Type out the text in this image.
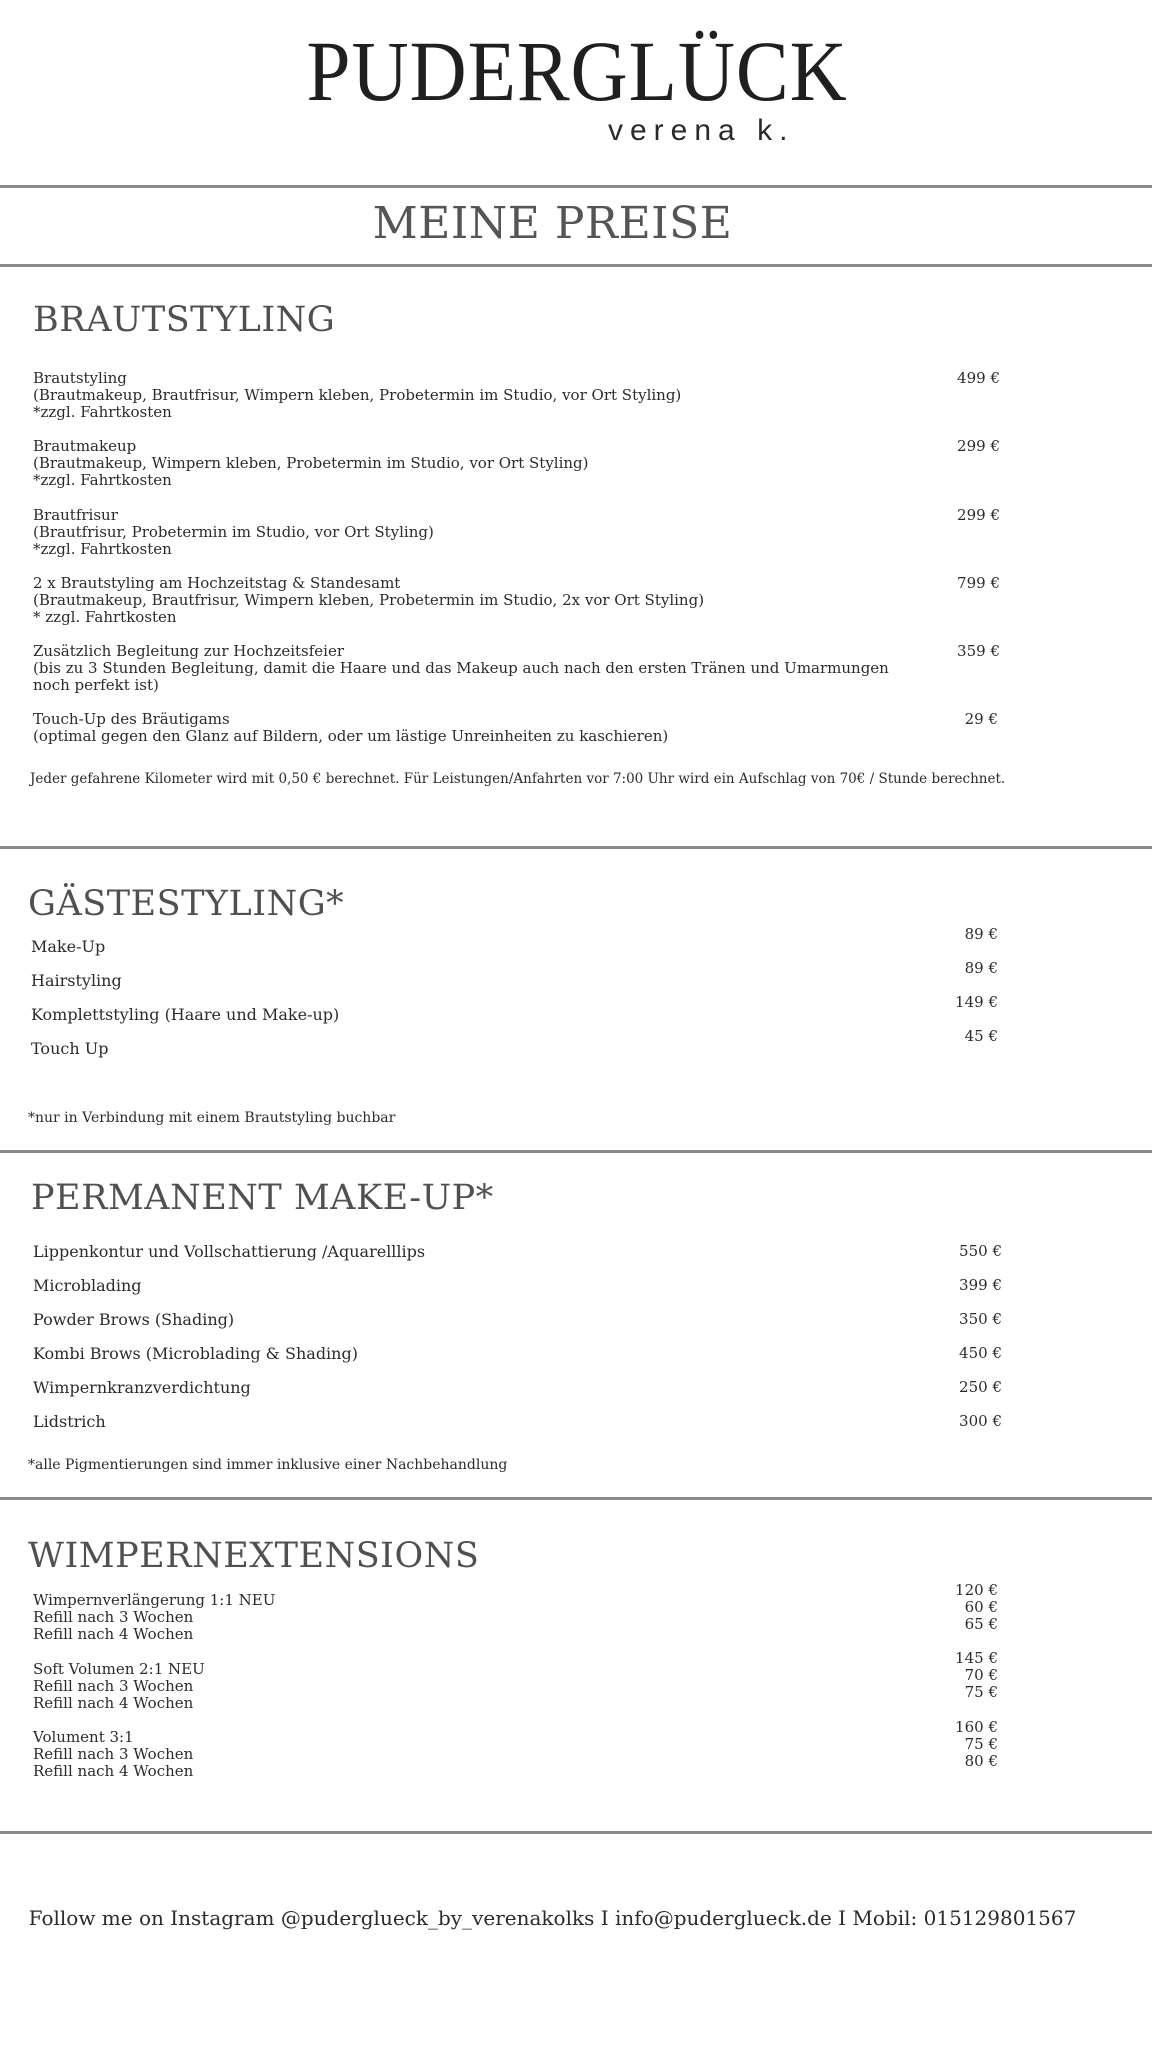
PUDERGLÜCK
verena k.
MEINE PREISE
BRAUTSTYLING
Brautstyling
(Brautmakeup, Brautfrisur, Wimpern kleben, Probetermin im Studio, vor Ort Styling)
*zzgl. Fahrtkosten
499 €
Brautmakeup
(Brautmakeup, Wimpern kleben, Probetermin im Studio, vor Ort Styling)
*zzgl. Fahrtkosten
299 €
Brautfrisur
(Brautfrisur, Probetermin im Studio, vor Ort Styling)
*zzgl. Fahrtkosten
299 €
2 x Brautstyling am Hochzeitstag & Standesamt
(Brautmakeup, Brautfrisur, Wimpern kleben, Probetermin im Studio, 2x vor Ort Styling)
* zzgl. Fahrtkosten
799 €
Zusätzlich Begleitung zur Hochzeitsfeier
(bis zu 3 Stunden Begleitung, damit die Haare und das Makeup auch nach den ersten Tränen und Umarmungen
noch perfekt ist)
359 €
Touch-Up des Bräutigams
(optimal gegen den Glanz auf Bildern, oder um lästige Unreinheiten zu kaschieren)
29 €
Jeder gefahrene Kilometer wird mit 0,50 € berechnet. Für Leistungen/Anfahrten vor 7:00 Uhr wird ein Aufschlag von 70€ / Stunde berechnet.
GÄSTESTYLING*
Make-Up
Hairstyling
Komplettstyling (Haare und Make-up)
Touch Up
89 €
89 €
149 €
45 €
*nur in Verbindung mit einem Brautstyling buchbar
PERMANENT MAKE-UP*
Lippenkontur und Vollschattierung /Aquarelllips
Microblading
Powder Brows (Shading)
Kombi Brows (Microblading & Shading)
Wimpernkranzverdichtung
Lidstrich
550 €
399 €
350 €
450 €
250 €
300 €
*alle Pigmentierungen sind immer inklusive einer Nachbehandlung
WIMPERNEXTENSIONS
Wimpernverlängerung 1:1 NEU
Refill nach 3 Wochen
Refill nach 4 Wochen
120 €
60 €
65 €
Soft Volumen 2:1 NEU
Refill nach 3 Wochen
Refill nach 4 Wochen
145 €
70 €
75 €
Volument 3:1
Refill nach 3 Wochen
Refill nach 4 Wochen
160 €
75 €
80 €
Follow me on Instagram @puderglueck_by_verenakolks I info@puderglueck.de I Mobil: 015129801567
